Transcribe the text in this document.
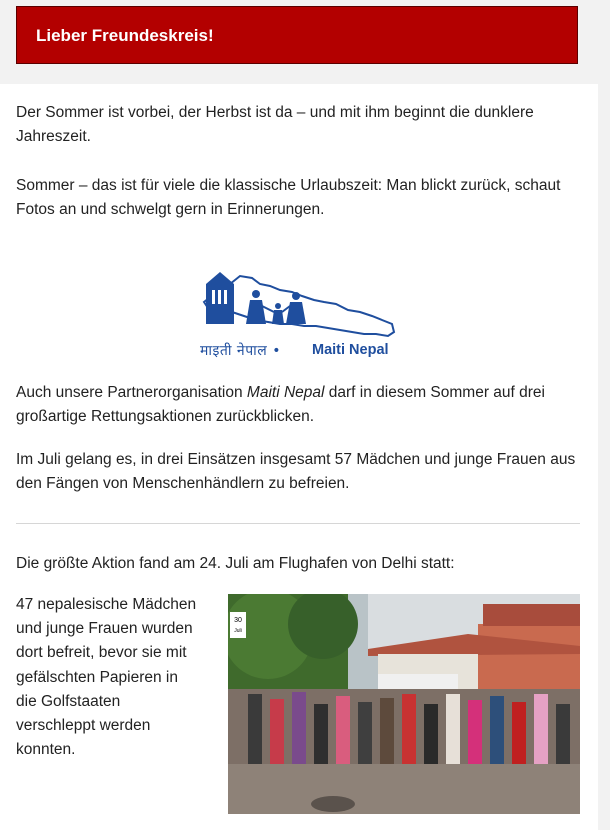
Lieber Freundeskreis!

Der Sommer ist vorbei, der Herbst ist da – und mit ihm beginnt die dunklere Jahreszeit.

Sommer – das ist für viele die klassische Urlaubszeit: Man blickt zurück, schaut Fotos an und schwelgt gern in Erinnerungen.

माइती नेपाल • Maiti Nepal

Auch unsere Partnerorganisation Maiti Nepal darf in diesem Sommer auf drei großartige Rettungsaktionen zurückblicken.

Im Juli gelang es, in drei Einsätzen insgesamt 57 Mädchen und junge Frauen aus den Fängen von Menschenhändlern zu befreien.

Die größte Aktion fand am 24. Juli am Flughafen von Delhi statt:

47 nepalesische Mädchen und junge Frauen wurden dort befreit, bevor sie mit gefälschten Papieren in die Golfstaaten verschleppt werden konnten.

30
Juli
